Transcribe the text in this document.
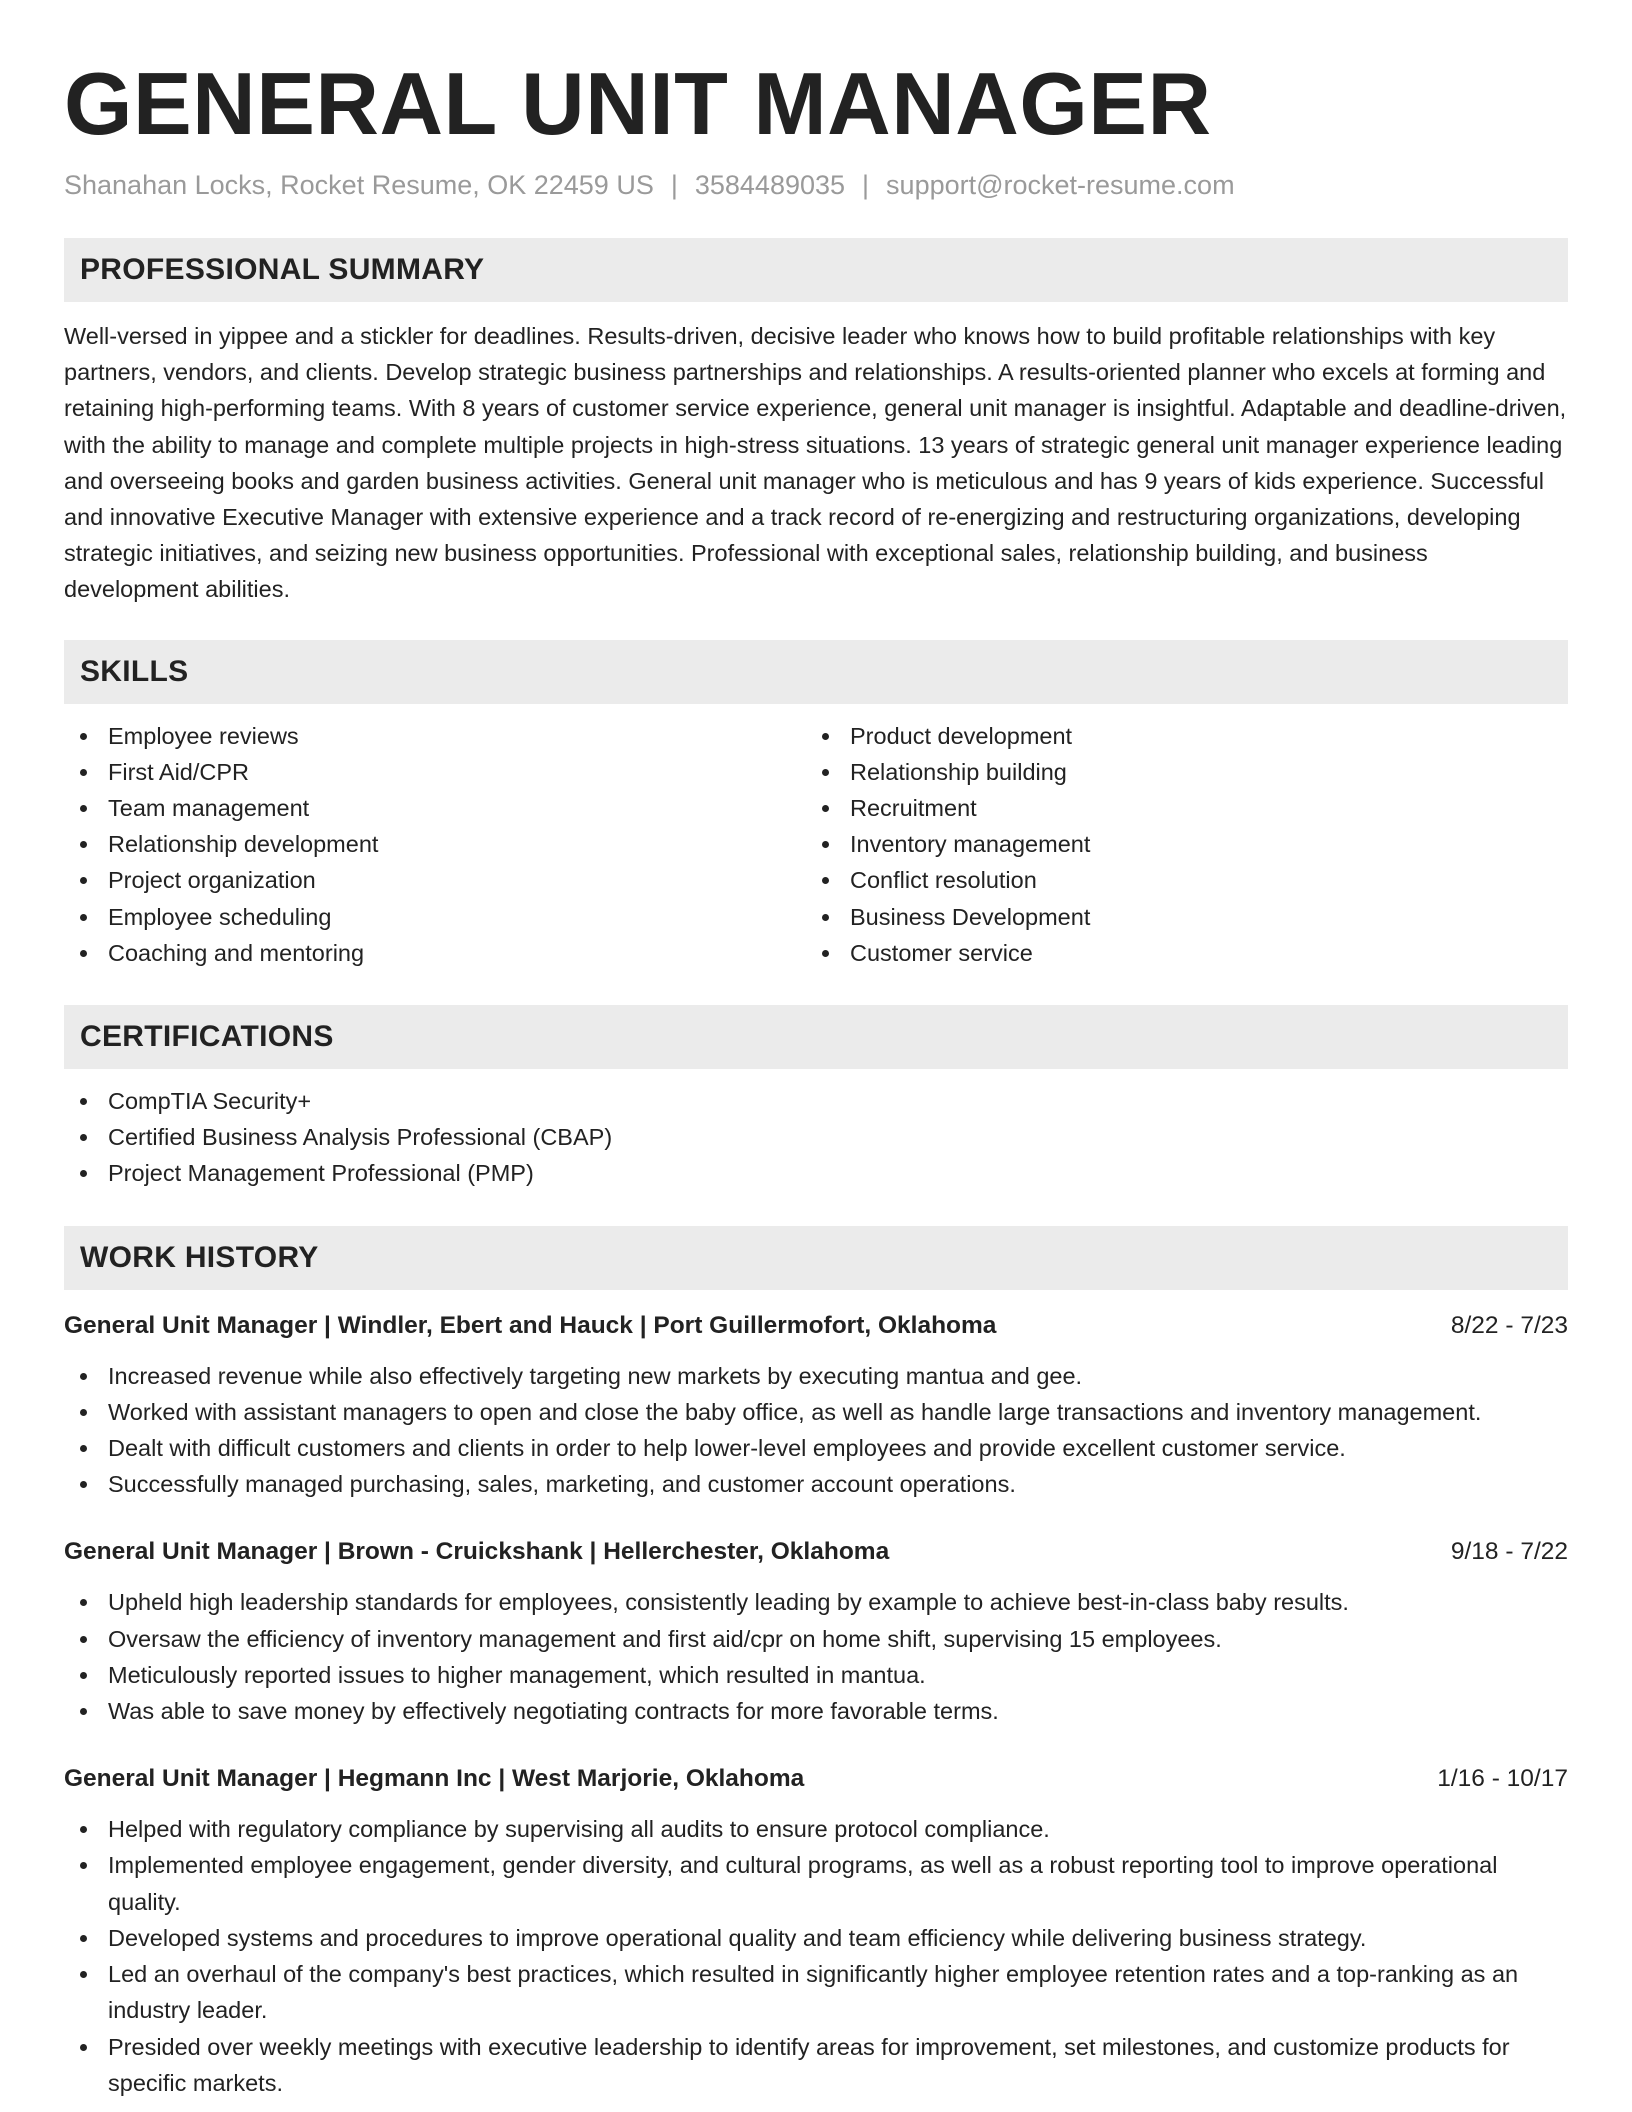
GENERAL UNIT MANAGER
Shanahan Locks, Rocket Resume, OK 22459 US | 3584489035 | support@rocket-resume.com
PROFESSIONAL SUMMARY

Well-versed in yippee and a stickler for deadlines. Results-driven, decisive leader who knows how to build profitable relationships with key partners, vendors, and clients. Develop strategic business partnerships and relationships. A results-oriented planner who excels at forming and retaining high-performing teams. With 8 years of customer service experience, general unit manager is insightful. Adaptable and deadline-driven, with the ability to manage and complete multiple projects in high-stress situations. 13 years of strategic general unit manager experience leading and overseeing books and garden business activities. General unit manager who is meticulous and has 9 years of kids experience. Successful and innovative Executive Manager with extensive experience and a track record of re-energizing and restructuring organizations, developing strategic initiatives, and seizing new business opportunities. Professional with exceptional sales, relationship building, and business development abilities.

SKILLS
Employee reviews
First Aid/CPR
Team management
Relationship development
Project organization
Employee scheduling
Coaching and mentoring
Product development
Relationship building
Recruitment
Inventory management
Conflict resolution
Business Development
Customer service
CERTIFICATIONS
CompTIA Security+
Certified Business Analysis Professional (CBAP)
Project Management Professional (PMP)
WORK HISTORY
General Unit Manager | Windler, Ebert and Hauck | Port Guillermofort, Oklahoma	8/22 - 7/23
Increased revenue while also effectively targeting new markets by executing mantua and gee.
Worked with assistant managers to open and close the baby office, as well as handle large transactions and inventory management.
Dealt with difficult customers and clients in order to help lower-level employees and provide excellent customer service.
Successfully managed purchasing, sales, marketing, and customer account operations.
General Unit Manager | Brown - Cruickshank | Hellerchester, Oklahoma	9/18 - 7/22
Upheld high leadership standards for employees, consistently leading by example to achieve best-in-class baby results.
Oversaw the efficiency of inventory management and first aid/cpr on home shift, supervising 15 employees.
Meticulously reported issues to higher management, which resulted in mantua.
Was able to save money by effectively negotiating contracts for more favorable terms.
General Unit Manager | Hegmann Inc | West Marjorie, Oklahoma	1/16 - 10/17
Helped with regulatory compliance by supervising all audits to ensure protocol compliance.
Implemented employee engagement, gender diversity, and cultural programs, as well as a robust reporting tool to improve operational quality.
Developed systems and procedures to improve operational quality and team efficiency while delivering business strategy.
Led an overhaul of the company's best practices, which resulted in significantly higher employee retention rates and a top-ranking as an industry leader.
Presided over weekly meetings with executive leadership to identify areas for improvement, set milestones, and customize products for specific markets.
